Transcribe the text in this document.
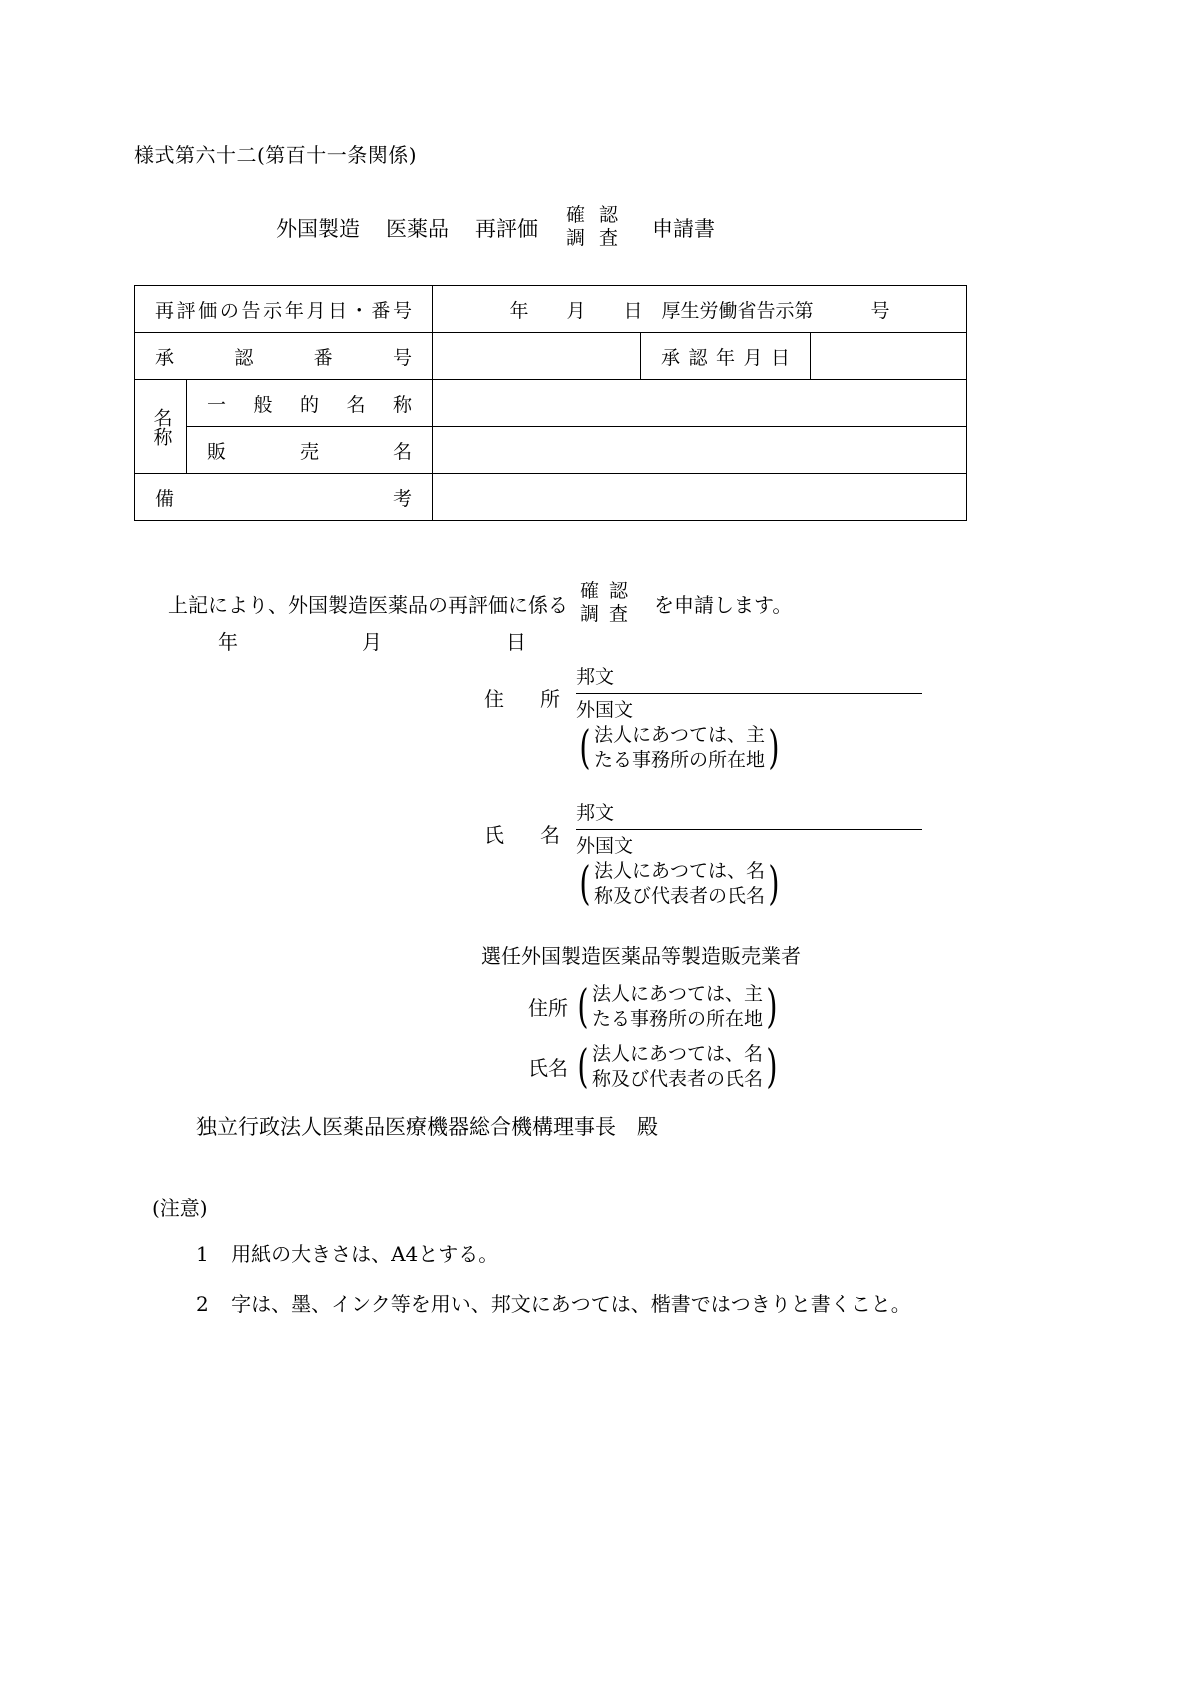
様式第六十二(第百十一条関係)
外国製造 医薬品 再評価
確認
調査 申請書
再評価の告示年月日・番号		年　　月　　日　厚生労働省告示第　　　号		

承認番号			承認年月日	

名称	一般的名称			

	販売名			

備考				

上記により、外国製造医薬品の再評価に係る
確認
調査 を申請します。
年　　月　　日
住所
邦文
外国文
( 法人にあつては、主
たる事務所の所在地 )
氏名
邦文
外国文
( 法人にあつては、名
称及び代表者の氏名 )
選任外国製造医薬品等製造販売業者
住所 ( 法人にあつては、主
たる事務所の所在地 )
氏名 ( 法人にあつては、名
称及び代表者の氏名 )
独立行政法人医薬品医療機器総合機構理事長　殿
(注意)
1 用紙の大きさは、A4とする。
2 字は、墨、インク等を用い、邦文にあつては、楷書ではつきりと書くこと。
